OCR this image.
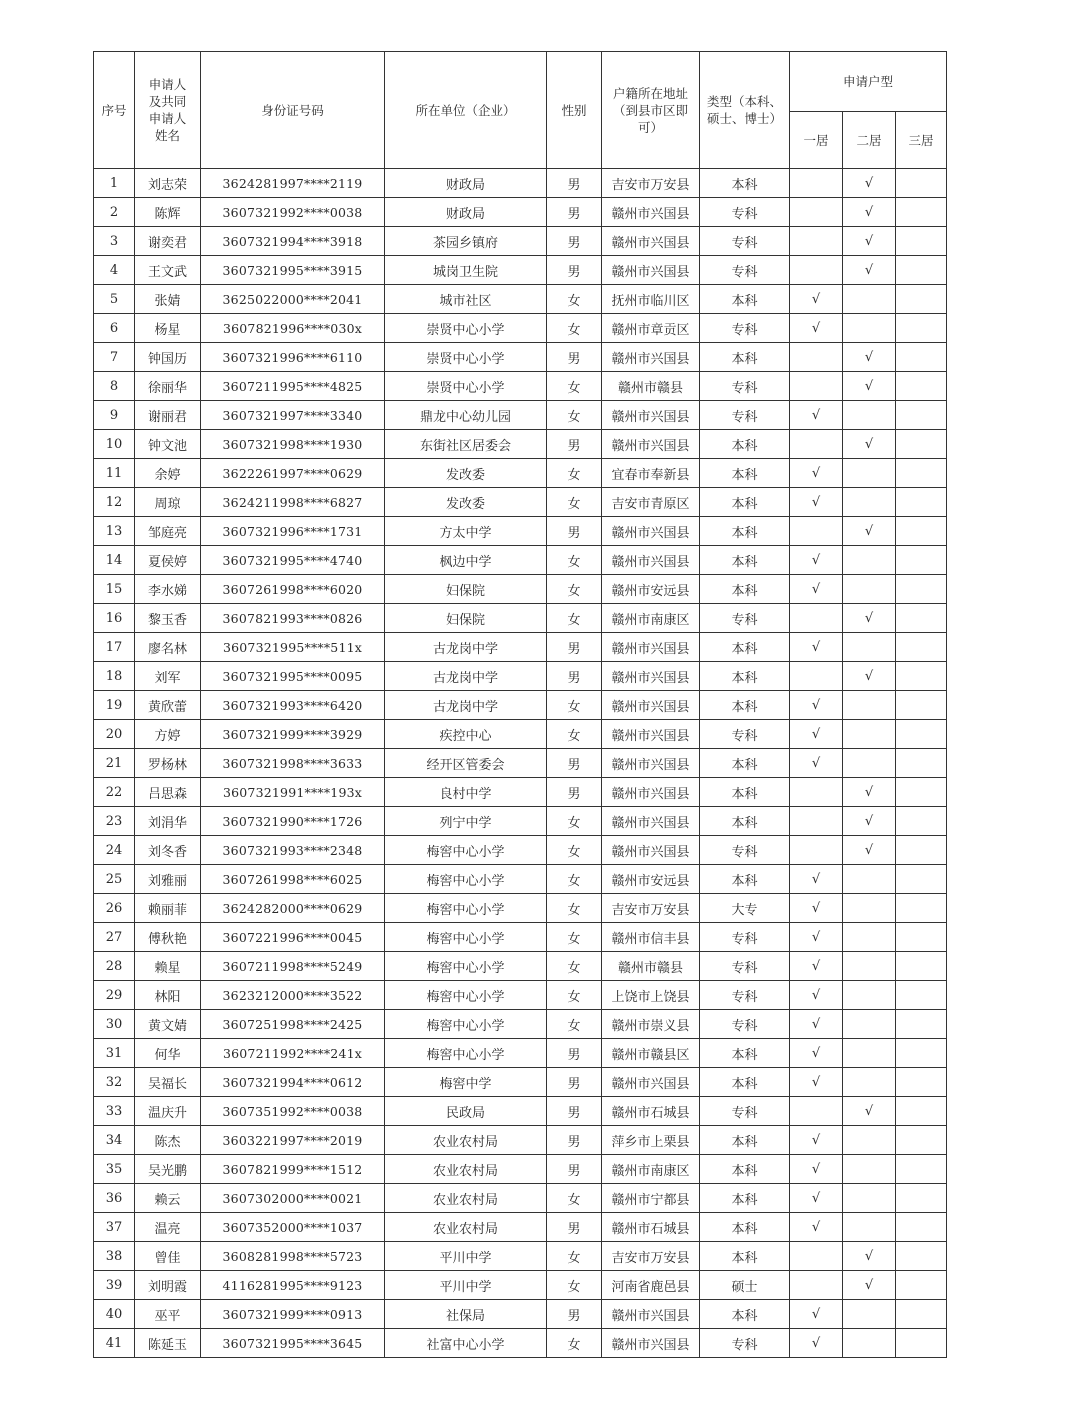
序号	申请人及共同申请人姓名	身份证号码	所在单位（企业）	性别	户籍所在地址（到县市区即可）	类型（本科、硕士、博士）	申请户型		
							一居	二居	三居
1	刘志荣	3624281997****2119	财政局	男	吉安市万安县	本科		√	
2	陈辉	3607321992****0038	财政局	男	赣州市兴国县	专科		√	
3	谢奕君	3607321994****3918	茶园乡镇府	男	赣州市兴国县	专科		√	
4	王文武	3607321995****3915	城岗卫生院	男	赣州市兴国县	专科		√	
5	张婧	3625022000****2041	城市社区	女	抚州市临川区	本科	√		
6	杨星	3607821996****030x	崇贤中心小学	女	赣州市章贡区	专科	√		
7	钟国历	3607321996****6110	崇贤中心小学	男	赣州市兴国县	本科		√	
8	徐丽华	3607211995****4825	崇贤中心小学	女	赣州市赣县	专科		√	
9	谢丽君	3607321997****3340	鼎龙中心幼儿园	女	赣州市兴国县	专科	√		
10	钟文池	3607321998****1930	东街社区居委会	男	赣州市兴国县	本科		√	
11	余婷	3622261997****0629	发改委	女	宜春市奉新县	本科	√		
12	周琼	3624211998****6827	发改委	女	吉安市青原区	本科	√		
13	邹庭亮	3607321996****1731	方太中学	男	赣州市兴国县	本科		√	
14	夏侯婷	3607321995****4740	枫边中学	女	赣州市兴国县	本科	√		
15	李水娣	3607261998****6020	妇保院	女	赣州市安远县	本科	√		
16	黎玉香	3607821993****0826	妇保院	女	赣州市南康区	专科		√	
17	廖名林	3607321995****511x	古龙岗中学	男	赣州市兴国县	本科	√		
18	刘军	3607321995****0095	古龙岗中学	男	赣州市兴国县	本科		√	
19	黄欣蕾	3607321993****6420	古龙岗中学	女	赣州市兴国县	本科	√		
20	方婷	3607321999****3929	疾控中心	女	赣州市兴国县	专科	√		
21	罗杨林	3607321998****3633	经开区管委会	男	赣州市兴国县	本科	√		
22	吕思森	3607321991****193x	良村中学	男	赣州市兴国县	本科		√	
23	刘涓华	3607321990****1726	列宁中学	女	赣州市兴国县	本科		√	
24	刘冬香	3607321993****2348	梅窖中心小学	女	赣州市兴国县	专科		√	
25	刘雅丽	3607261998****6025	梅窖中心小学	女	赣州市安远县	本科	√		
26	赖丽菲	3624282000****0629	梅窖中心小学	女	吉安市万安县	大专	√		
27	傅秋艳	3607221996****0045	梅窖中心小学	女	赣州市信丰县	专科	√		
28	赖星	3607211998****5249	梅窖中心小学	女	赣州市赣县	专科	√		
29	林阳	3623212000****3522	梅窖中心小学	女	上饶市上饶县	专科	√		
30	黄文婧	3607251998****2425	梅窖中心小学	女	赣州市崇义县	专科	√		
31	何华	3607211992****241x	梅窖中心小学	男	赣州市赣县区	本科	√		
32	吴福长	3607321994****0612	梅窖中学	男	赣州市兴国县	本科	√		
33	温庆升	3607351992****0038	民政局	男	赣州市石城县	专科		√	
34	陈杰	3603221997****2019	农业农村局	男	萍乡市上栗县	本科	√		
35	吴光鹏	3607821999****1512	农业农村局	男	赣州市南康区	本科	√		
36	赖云	3607302000****0021	农业农村局	女	赣州市宁都县	本科	√		
37	温亮	3607352000****1037	农业农村局	男	赣州市石城县	本科	√		
38	曾佳	3608281998****5723	平川中学	女	吉安市万安县	本科		√	
39	刘明霞	4116281995****9123	平川中学	女	河南省鹿邑县	硕士		√	
40	巫平	3607321999****0913	社保局	男	赣州市兴国县	本科	√		
41	陈延玉	3607321995****3645	社富中心小学	女	赣州市兴国县	专科	√		
